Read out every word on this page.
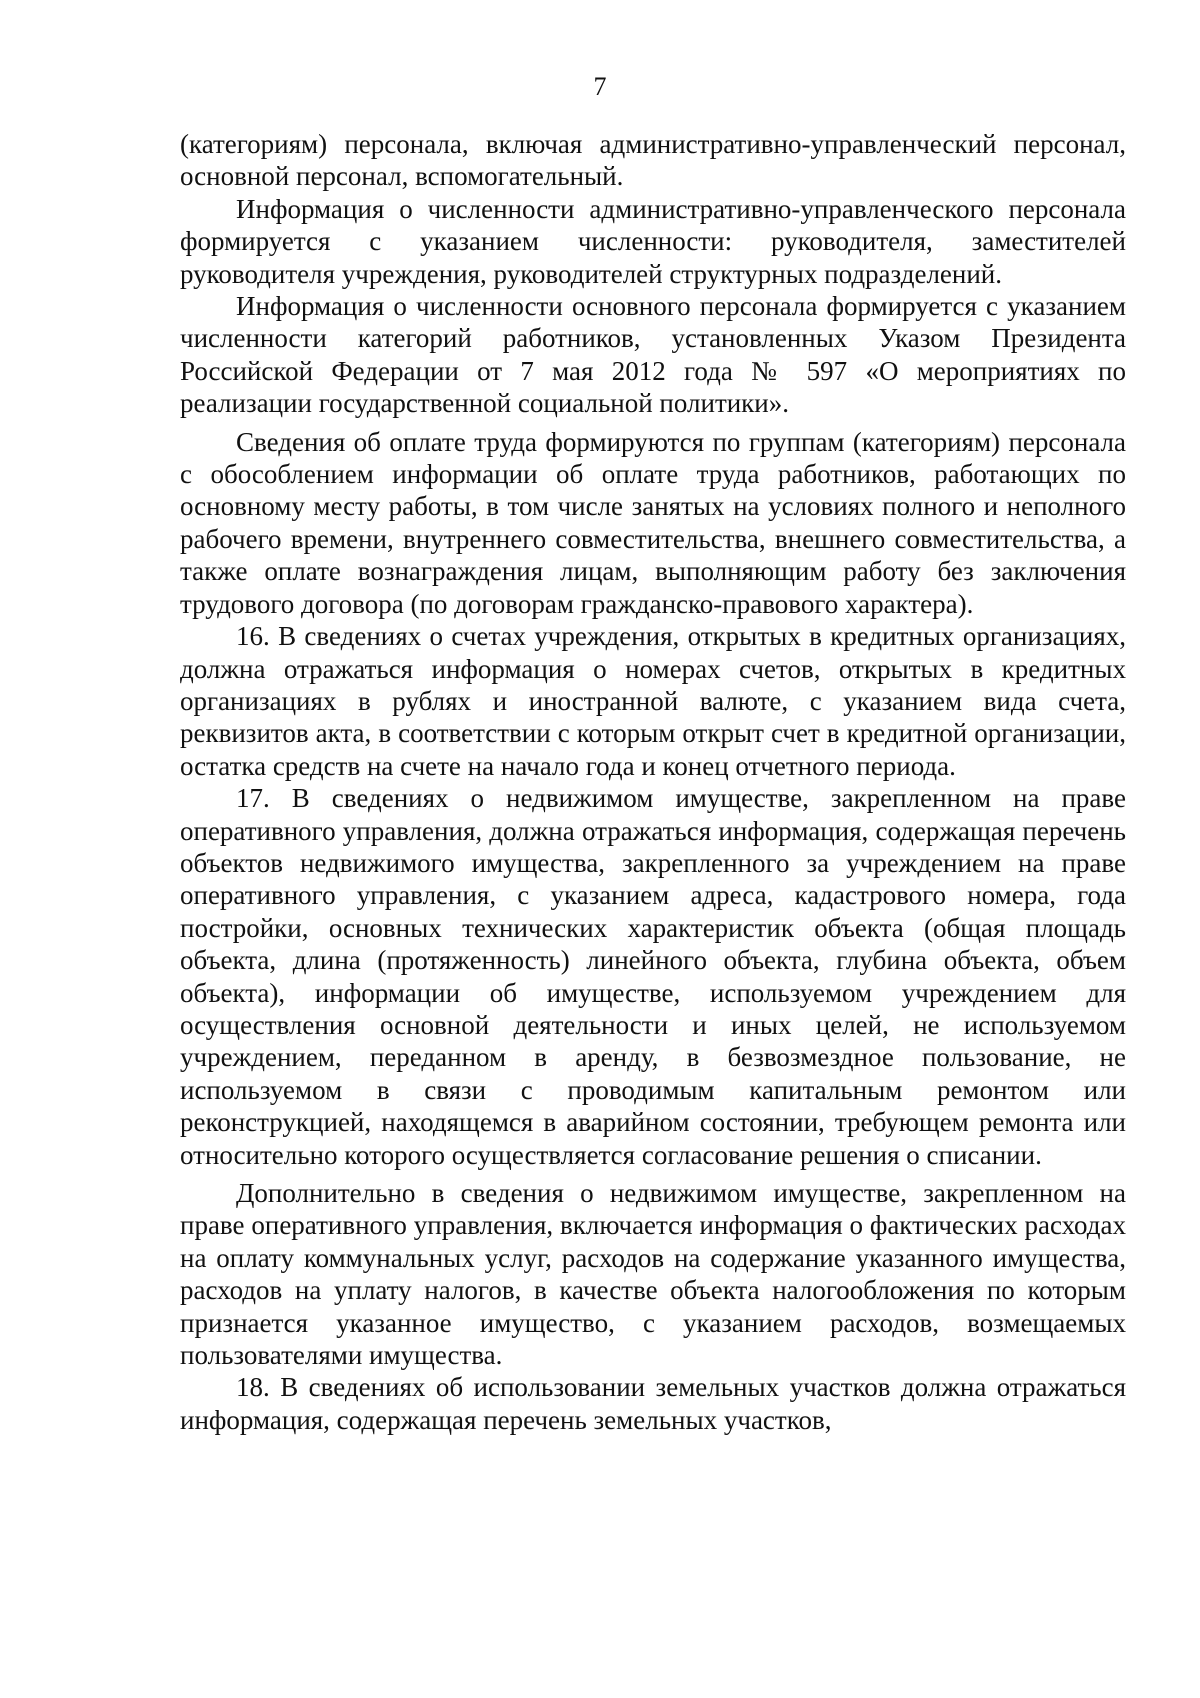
7

(категориям) персонала, включая административно-управленческий персонал, основной персонал, вспомогательный.

Информация о численности административно-управленческого персонала формируется с указанием численности: руководителя, заместителей руководителя учреждения, руководителей структурных подразделений.

Информация о численности основного персонала формируется с указанием численности категорий работников, установленных Указом Президента Российской Федерации от 7 мая 2012 года № 597 «О мероприятиях по реализации государственной социальной политики».

Сведения об оплате труда формируются по группам (категориям) персонала с обособлением информации об оплате труда работников, работающих по основному месту работы, в том числе занятых на условиях полного и неполного рабочего времени, внутреннего совместительства, внешнего совместительства, а также оплате вознаграждения лицам, выполняющим работу без заключения трудового договора (по договорам гражданско-правового характера).

16. В сведениях о счетах учреждения, открытых в кредитных организациях, должна отражаться информация о номерах счетов, открытых в кредитных организациях в рублях и иностранной валюте, с указанием вида счета, реквизитов акта, в соответствии с которым открыт счет в кредитной организации, остатка средств на счете на начало года и конец отчетного периода.

17. В сведениях о недвижимом имуществе, закрепленном на праве оперативного управления, должна отражаться информация, содержащая перечень объектов недвижимого имущества, закрепленного за учреждением на праве оперативного управления, с указанием адреса, кадастрового номера, года постройки, основных технических характеристик объекта (общая площадь объекта, длина (протяженность) линейного объекта, глубина объекта, объем объекта), информации об имуществе, используемом учреждением для осуществления основной деятельности и иных целей, не используемом учреждением, переданном в аренду, в безвозмездное пользование, не используемом в связи с проводимым капитальным ремонтом или реконструкцией, находящемся в аварийном состоянии, требующем ремонта или относительно которого осуществляется согласование решения о списании.

Дополнительно в сведения о недвижимом имуществе, закрепленном на праве оперативного управления, включается информация о фактических расходах на оплату коммунальных услуг, расходов на содержание указанного имущества, расходов на уплату налогов, в качестве объекта налогообложения по которым признается указанное имущество, с указанием расходов, возмещаемых пользователями имущества.

18. В сведениях об использовании земельных участков должна отражаться информация, содержащая перечень земельных участков,
